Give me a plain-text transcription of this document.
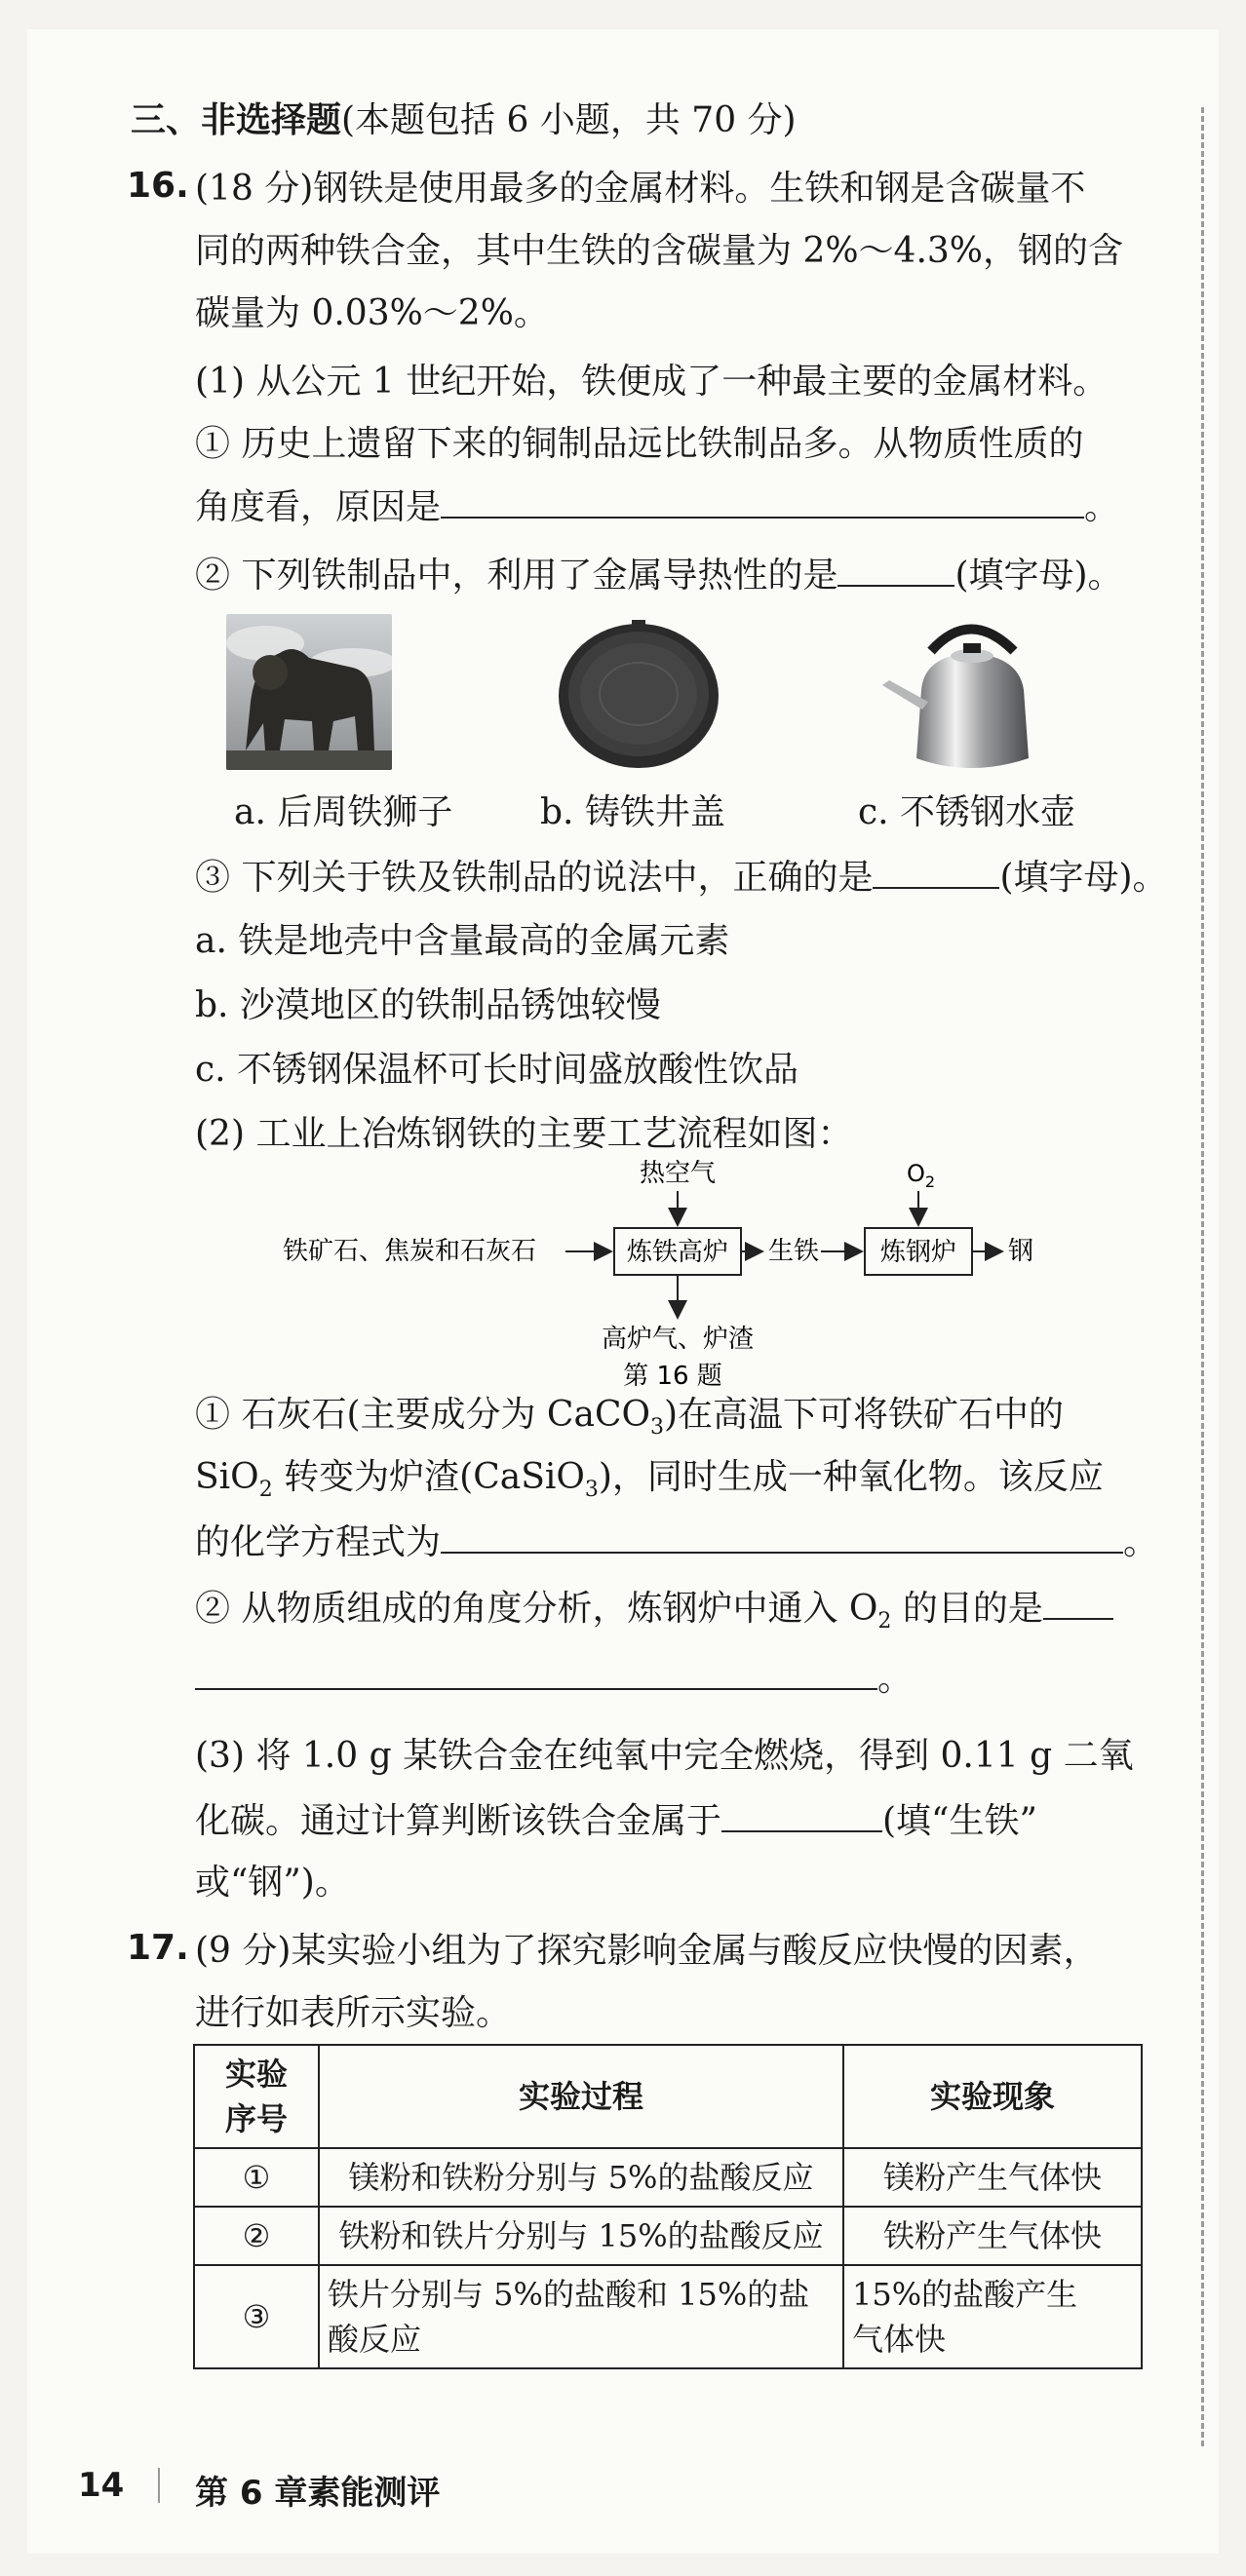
三、非选择题(本题包括 6 小题，共 70 分)
16. (18 分)钢铁是使用最多的金属材料。生铁和钢是含碳量不
同的两种铁合金，其中生铁的含碳量为 2%～4.3%，钢的含
碳量为 0.03%～2%。
(1) 从公元 1 世纪开始，铁便成了一种最主要的金属材料。
① 历史上遗留下来的铜制品远比铁制品多。从物质性质的
角度看，原因是	。
② 下列铁制品中，利用了金属导热性的是	(填字母)。
a. 后周铁狮子 b. 铸铁井盖	c. 不锈钢水壶
③ 下列关于铁及铁制品的说法中，正确的是	(填字母)。
a. 铁是地壳中含量最高的金属元素
b. 沙漠地区的铁制品锈蚀较慢
c. 不锈钢保温杯可长时间盛放酸性饮品
(2) 工业上冶炼钢铁的主要工艺流程如图：
铁矿石、焦炭和石灰石	炼铁高炉
热空气
高炉气、炉渣
生铁 炼钢炉
$O_2$
钢
第 16 题
① 石灰石(主要成分为 CaCO$_3$)在高温下可将铁矿石中的
SiO$_2$ 转变为炉渣(CaSiO$_3$)，同时生成一种氧化物。该反应
的化学方程式为	。
② 从物质组成的角度分析，炼钢炉中通入 $O_2$ 的目的是
。
(3) 将 1.0 g 某铁合金在纯氧中完全燃烧，得到 0.11 g 二氧
化碳。通过计算判断该铁合金属于	(填“生铁”
或“钢”)。
17. (9 分)某实验小组为了探究影响金属与酸反应快慢的因素，
进行如表所示实验。
实验
序号	实验过程	实验现象
①	镁粉和铁粉分别与 5%的盐酸反应	镁粉产生气体快
②	铁粉和铁片分别与 15%的盐酸反应	铁粉产生气体快
③	铁片分别与 5%的盐酸和 15%的盐
酸反应	15%的盐酸产生
气体快
14 第 6 章素能测评
